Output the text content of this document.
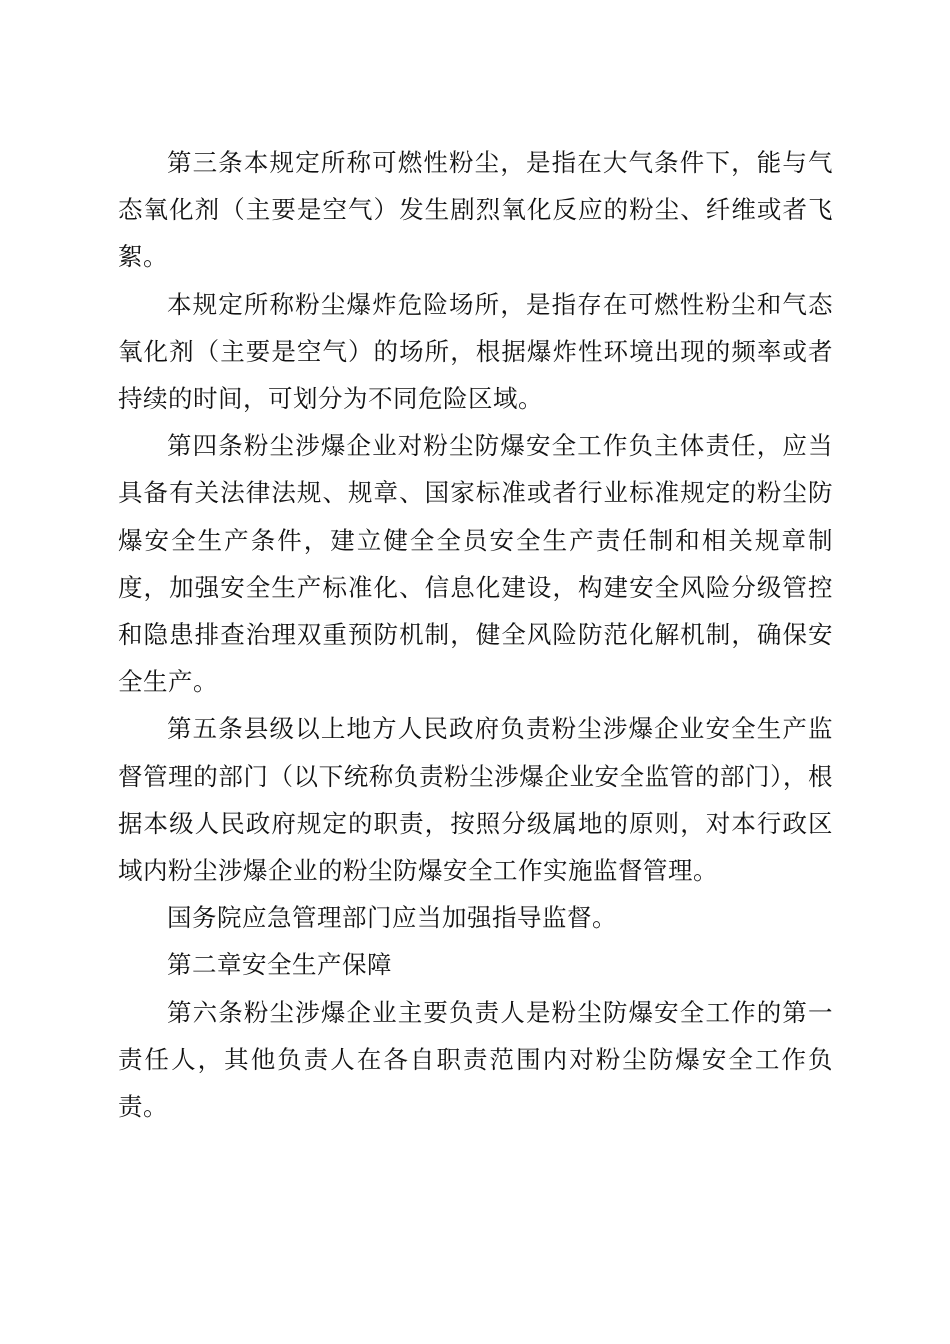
第三条本规定所称可燃性粉尘，是指在大气条件下，能与气态氧化剂（主要是空气）发生剧烈氧化反应的粉尘、纤维或者飞絮。

本规定所称粉尘爆炸危险场所，是指存在可燃性粉尘和气态氧化剂（主要是空气）的场所，根据爆炸性环境出现的频率或者持续的时间，可划分为不同危险区域。

第四条粉尘涉爆企业对粉尘防爆安全工作负主体责任，应当具备有关法律法规、规章、国家标准或者行业标准规定的粉尘防爆安全生产条件，建立健全全员安全生产责任制和相关规章制度，加强安全生产标准化、信息化建设，构建安全风险分级管控和隐患排查治理双重预防机制，健全风险防范化解机制，确保安全生产。

第五条县级以上地方人民政府负责粉尘涉爆企业安全生产监督管理的部门（以下统称负责粉尘涉爆企业安全监管的部门），根据本级人民政府规定的职责，按照分级属地的原则，对本行政区域内粉尘涉爆企业的粉尘防爆安全工作实施监督管理。

国务院应急管理部门应当加强指导监督。

第二章安全生产保障

第六条粉尘涉爆企业主要负责人是粉尘防爆安全工作的第一责任人，其他负责人在各自职责范围内对粉尘防爆安全工作负责。
